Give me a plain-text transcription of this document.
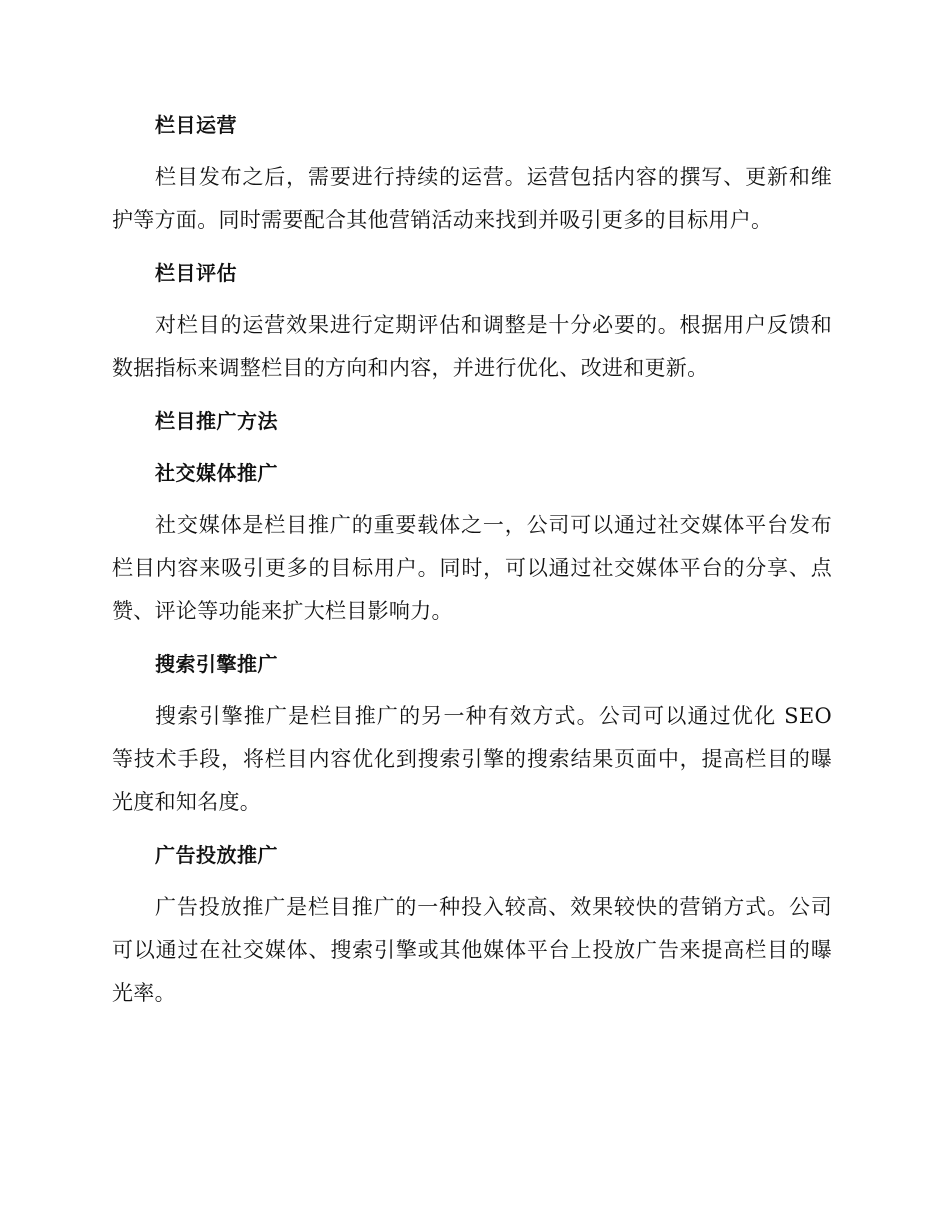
栏目运营

栏目发布之后，需要进行持续的运营。运营包括内容的撰写、更新和维护等方面。同时需要配合其他营销活动来找到并吸引更多的目标用户。

栏目评估

对栏目的运营效果进行定期评估和调整是十分必要的。根据用户反馈和数据指标来调整栏目的方向和内容，并进行优化、改进和更新。

栏目推广方法
社交媒体推广

社交媒体是栏目推广的重要载体之一，公司可以通过社交媒体平台发布栏目内容来吸引更多的目标用户。同时，可以通过社交媒体平台的分享、点赞、评论等功能来扩大栏目影响力。

搜索引擎推广

搜索引擎推广是栏目推广的另一种有效方式。公司可以通过优化 SEO 等技术手段，将栏目内容优化到搜索引擎的搜索结果页面中，提高栏目的曝光度和知名度。

广告投放推广

广告投放推广是栏目推广的一种投入较高、效果较快的营销方式。公司可以通过在社交媒体、搜索引擎或其他媒体平台上投放广告来提高栏目的曝光率。
